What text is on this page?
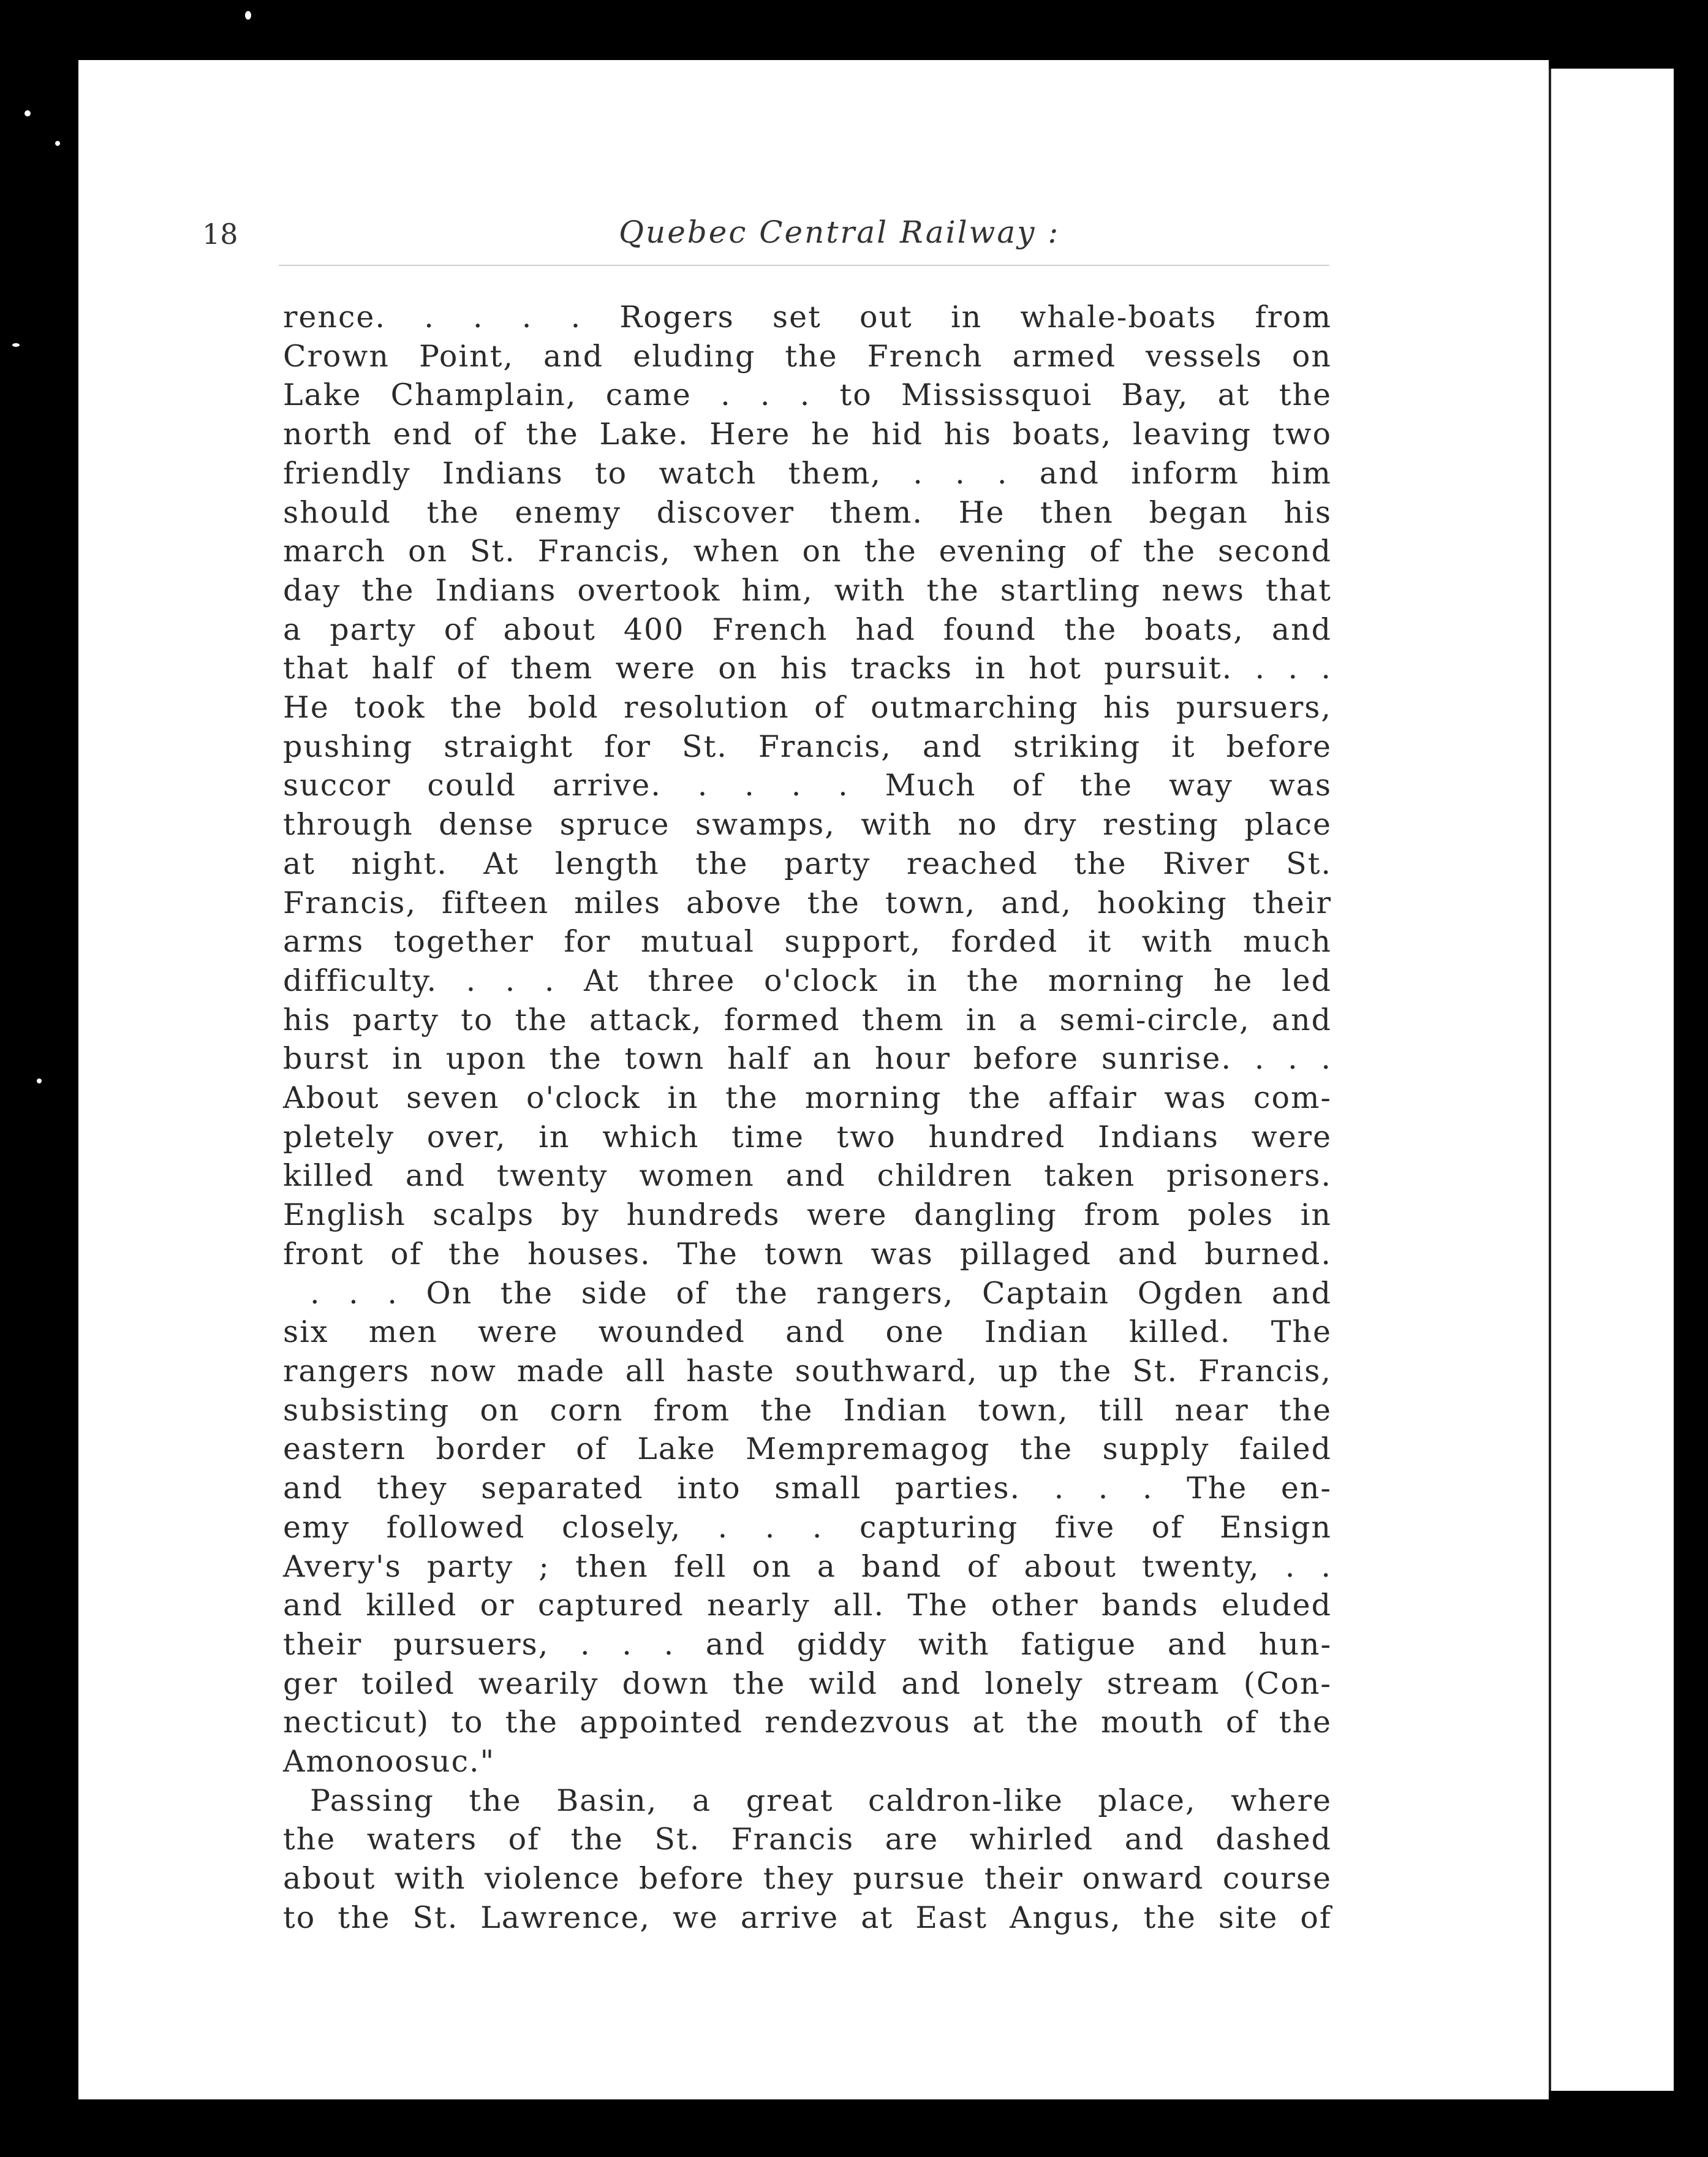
18	Quebec Central Railway :
rence. . . . . Rogers set out in whale-boats from
Crown Point, and eluding the French armed vessels on
Lake Champlain, came . . . to Mississquoi Bay, at the
north end of the Lake. Here he hid his boats, leaving two
friendly Indians to watch them, . . . and inform him
should the enemy discover them. He then began his
march on St. Francis, when on the evening of the second
day the Indians overtook him, with the startling news that
a party of about 400 French had found the boats, and
that half of them were on his tracks in hot pursuit. . . .
He took the bold resolution of outmarching his pursuers,
pushing straight for St. Francis, and striking it before
succor could arrive. . . . . Much of the way was
through dense spruce swamps, with no dry resting place
at night. At length the party reached the River St.
Francis, fifteen miles above the town, and, hooking their
arms together for mutual support, forded it with much
difficulty. . . . At three o'clock in the morning he led
his party to the attack, formed them in a semi-circle, and
burst in upon the town half an hour before sunrise. . . .
About seven o'clock in the morning the affair was com-
pletely over, in which time two hundred Indians were
killed and twenty women and children taken prisoners.
English scalps by hundreds were dangling from poles in
front of the houses. The town was pillaged and burned.
. . . On the side of the rangers, Captain Ogden and
six men were wounded and one Indian killed. The
rangers now made all haste southward, up the St. Francis,
subsisting on corn from the Indian town, till near the
eastern border of Lake Mempremagog the supply failed
and they separated into small parties. . . . The en-
emy followed closely, . . . capturing five of Ensign
Avery's party ; then fell on a band of about twenty, . .
and killed or captured nearly all. The other bands eluded
their pursuers, . . . and giddy with fatigue and hun-
ger toiled wearily down the wild and lonely stream (Con-
necticut) to the appointed rendezvous at the mouth of the
Amonoosuc."
Passing the Basin, a great caldron-like place, where
the waters of the St. Francis are whirled and dashed
about with violence before they pursue their onward course
to the St. Lawrence, we arrive at East Angus, the site of
